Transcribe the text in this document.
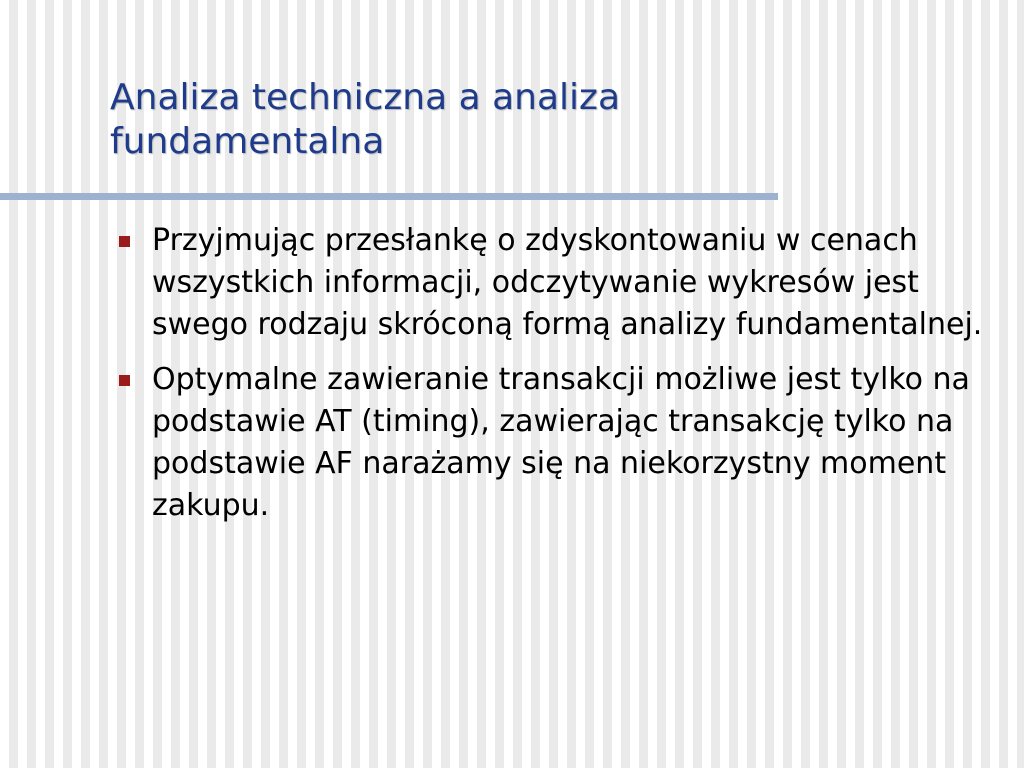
Analiza techniczna a analiza
fundamentalna
Przyjmując przesłankę o zdyskontowaniu w cenach wszystkich informacji, odczytywanie wykresów jest swego rodzaju skróconą formą analizy fundamentalnej.
Optymalne zawieranie transakcji możliwe jest tylko na podstawie AT (timing), zawierając transakcję tylko na podstawie AF narażamy się na niekorzystny moment zakupu.
